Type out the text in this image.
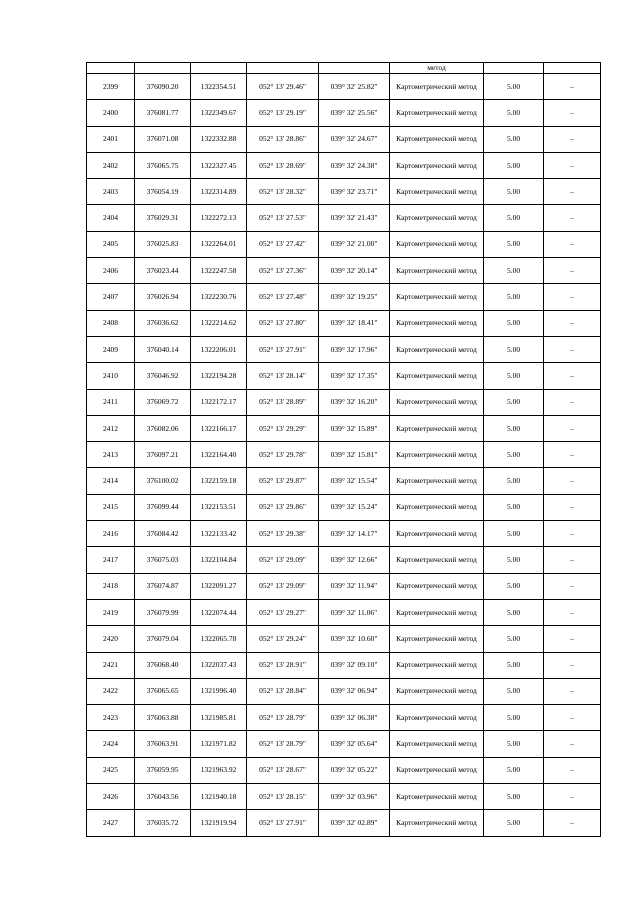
					метод		
2399	376090.20	1322354.51	052° 13' 29.46"	039° 32' 25.82"	Картометрический метод	5.00	–
2400	376081.77	1322349.67	052° 13' 29.19"	039° 32' 25.56"	Картометрический метод	5.00	–
2401	376071.08	1322332.88	052° 13' 28.86"	039° 32' 24.67"	Картометрический метод	5.00	–
2402	376065.75	1322327.45	052° 13' 28.69"	039° 32' 24.38"	Картометрический метод	5.00	–
2403	376054.19	1322314.89	052° 13' 28.32"	039° 32' 23.71"	Картометрический метод	5.00	–
2404	376029.31	1322272.13	052° 13' 27.53"	039° 32' 21.43"	Картометрический метод	5.00	–
2405	376025.83	1322264.01	052° 13' 27.42"	039° 32' 21.00"	Картометрический метод	5.00	–
2406	376023.44	1322247.58	052° 13' 27.36"	039° 32' 20.14"	Картометрический метод	5.00	–
2407	376026.94	1322230.76	052° 13' 27.48"	039° 32' 19.25"	Картометрический метод	5.00	–
2408	376036.62	1322214.62	052° 13' 27.80"	039° 32' 18.41"	Картометрический метод	5.00	–
2409	376040.14	1322206.01	052° 13' 27.91"	039° 32' 17.96"	Картометрический метод	5.00	–
2410	376046.92	1322194.28	052° 13' 28.14"	039° 32' 17.35"	Картометрический метод	5.00	–
2411	376069.72	1322172.17	052° 13' 28.89"	039° 32' 16.20"	Картометрический метод	5.00	–
2412	376082.06	1322166.17	052° 13' 29.29"	039° 32' 15.89"	Картометрический метод	5.00	–
2413	376097.21	1322164.40	052° 13' 29.78"	039° 32' 15.81"	Картометрический метод	5.00	–
2414	376100.02	1322159.18	052° 13' 29.87"	039° 32' 15.54"	Картометрический метод	5.00	–
2415	376099.44	1322153.51	052° 13' 29.86"	039° 32' 15.24"	Картометрический метод	5.00	–
2416	376084.42	1322133.42	052° 13' 29.38"	039° 32' 14.17"	Картометрический метод	5.00	–
2417	376075.03	1322104.84	052° 13' 29.09"	039° 32' 12.66"	Картометрический метод	5.00	–
2418	376074.87	1322091.27	052° 13' 29.09"	039° 32' 11.94"	Картометрический метод	5.00	–
2419	376079.99	1322074.44	052° 13' 29.27"	039° 32' 11.06"	Картометрический метод	5.00	–
2420	376079.04	1322065.78	052° 13' 29.24"	039° 32' 10.60"	Картометрический метод	5.00	–
2421	376068.40	1322037.43	052° 13' 28.91"	039° 32' 09.10"	Картометрический метод	5.00	–
2422	376065.65	1321996.40	052° 13' 28.84"	039° 32' 06.94"	Картометрический метод	5.00	–
2423	376063.88	1321985.81	052° 13' 28.79"	039° 32' 06.38"	Картометрический метод	5.00	–
2424	376063.91	1321971.82	052° 13' 28.79"	039° 32' 05.64"	Картометрический метод	5.00	–
2425	376059.95	1321963.92	052° 13' 28.67"	039° 32' 05.22"	Картометрический метод	5.00	–
2426	376043.56	1321940.18	052° 13' 28.15"	039° 32' 03.96"	Картометрический метод	5.00	–
2427	376035.72	1321919.94	052° 13' 27.91"	039° 32' 02.89"	Картометрический метод	5.00	–
